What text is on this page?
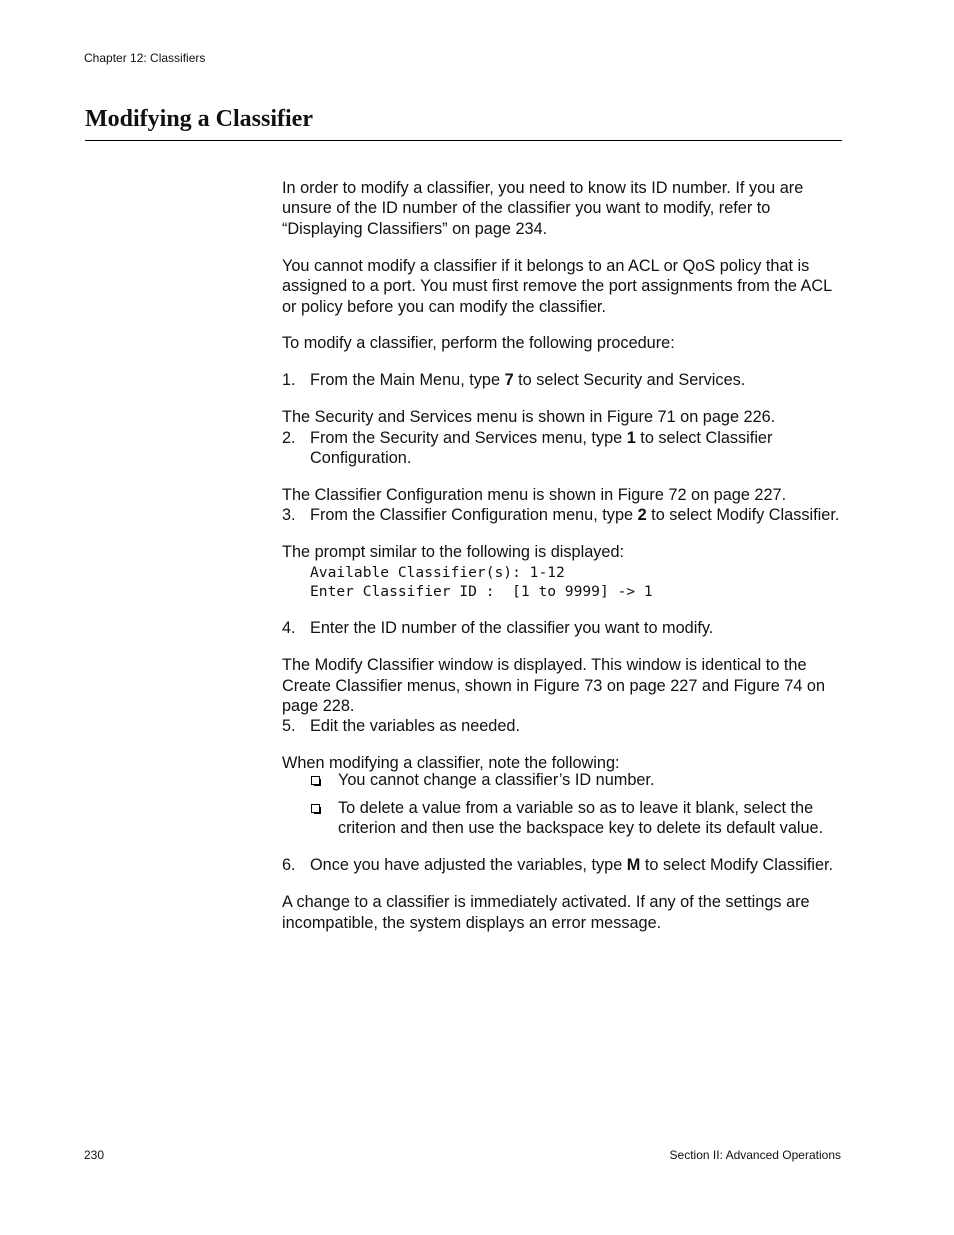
Chapter 12: Classifiers
Modifying a Classifier

In order to modify a classifier, you need to know its ID number. If you are unsure of the ID number of the classifier you want to modify, refer to “Displaying Classifiers” on page 234.

You cannot modify a classifier if it belongs to an ACL or QoS policy that is assigned to a port. You must first remove the port assignments from the ACL or policy before you can modify the classifier.

To modify a classifier, perform the following procedure:

1. From the Main Menu, type 7 to select Security and Services.

The Security and Services menu is shown in Figure 71 on page 226.

2. From the Security and Services menu, type 1 to select Classifier Configuration.

The Classifier Configuration menu is shown in Figure 72 on page 227.

3. From the Classifier Configuration menu, type 2 to select Modify Classifier.

The prompt similar to the following is displayed:

Available Classifier(s): 1-12
Enter Classifier ID :  [1 to 9999] -> 1
4. Enter the ID number of the classifier you want to modify.

The Modify Classifier window is displayed. This window is identical to the Create Classifier menus, shown in Figure 73 on page 227 and Figure 74 on page 228.

5. Edit the variables as needed.

When modifying a classifier, note the following:

You cannot change a classifier’s ID number.
To delete a value from a variable so as to leave it blank, select the criterion and then use the backspace key to delete its default value.
6. Once you have adjusted the variables, type M to select Modify Classifier.

A change to a classifier is immediately activated. If any of the settings are incompatible, the system displays an error message.

230	Section II: Advanced Operations
